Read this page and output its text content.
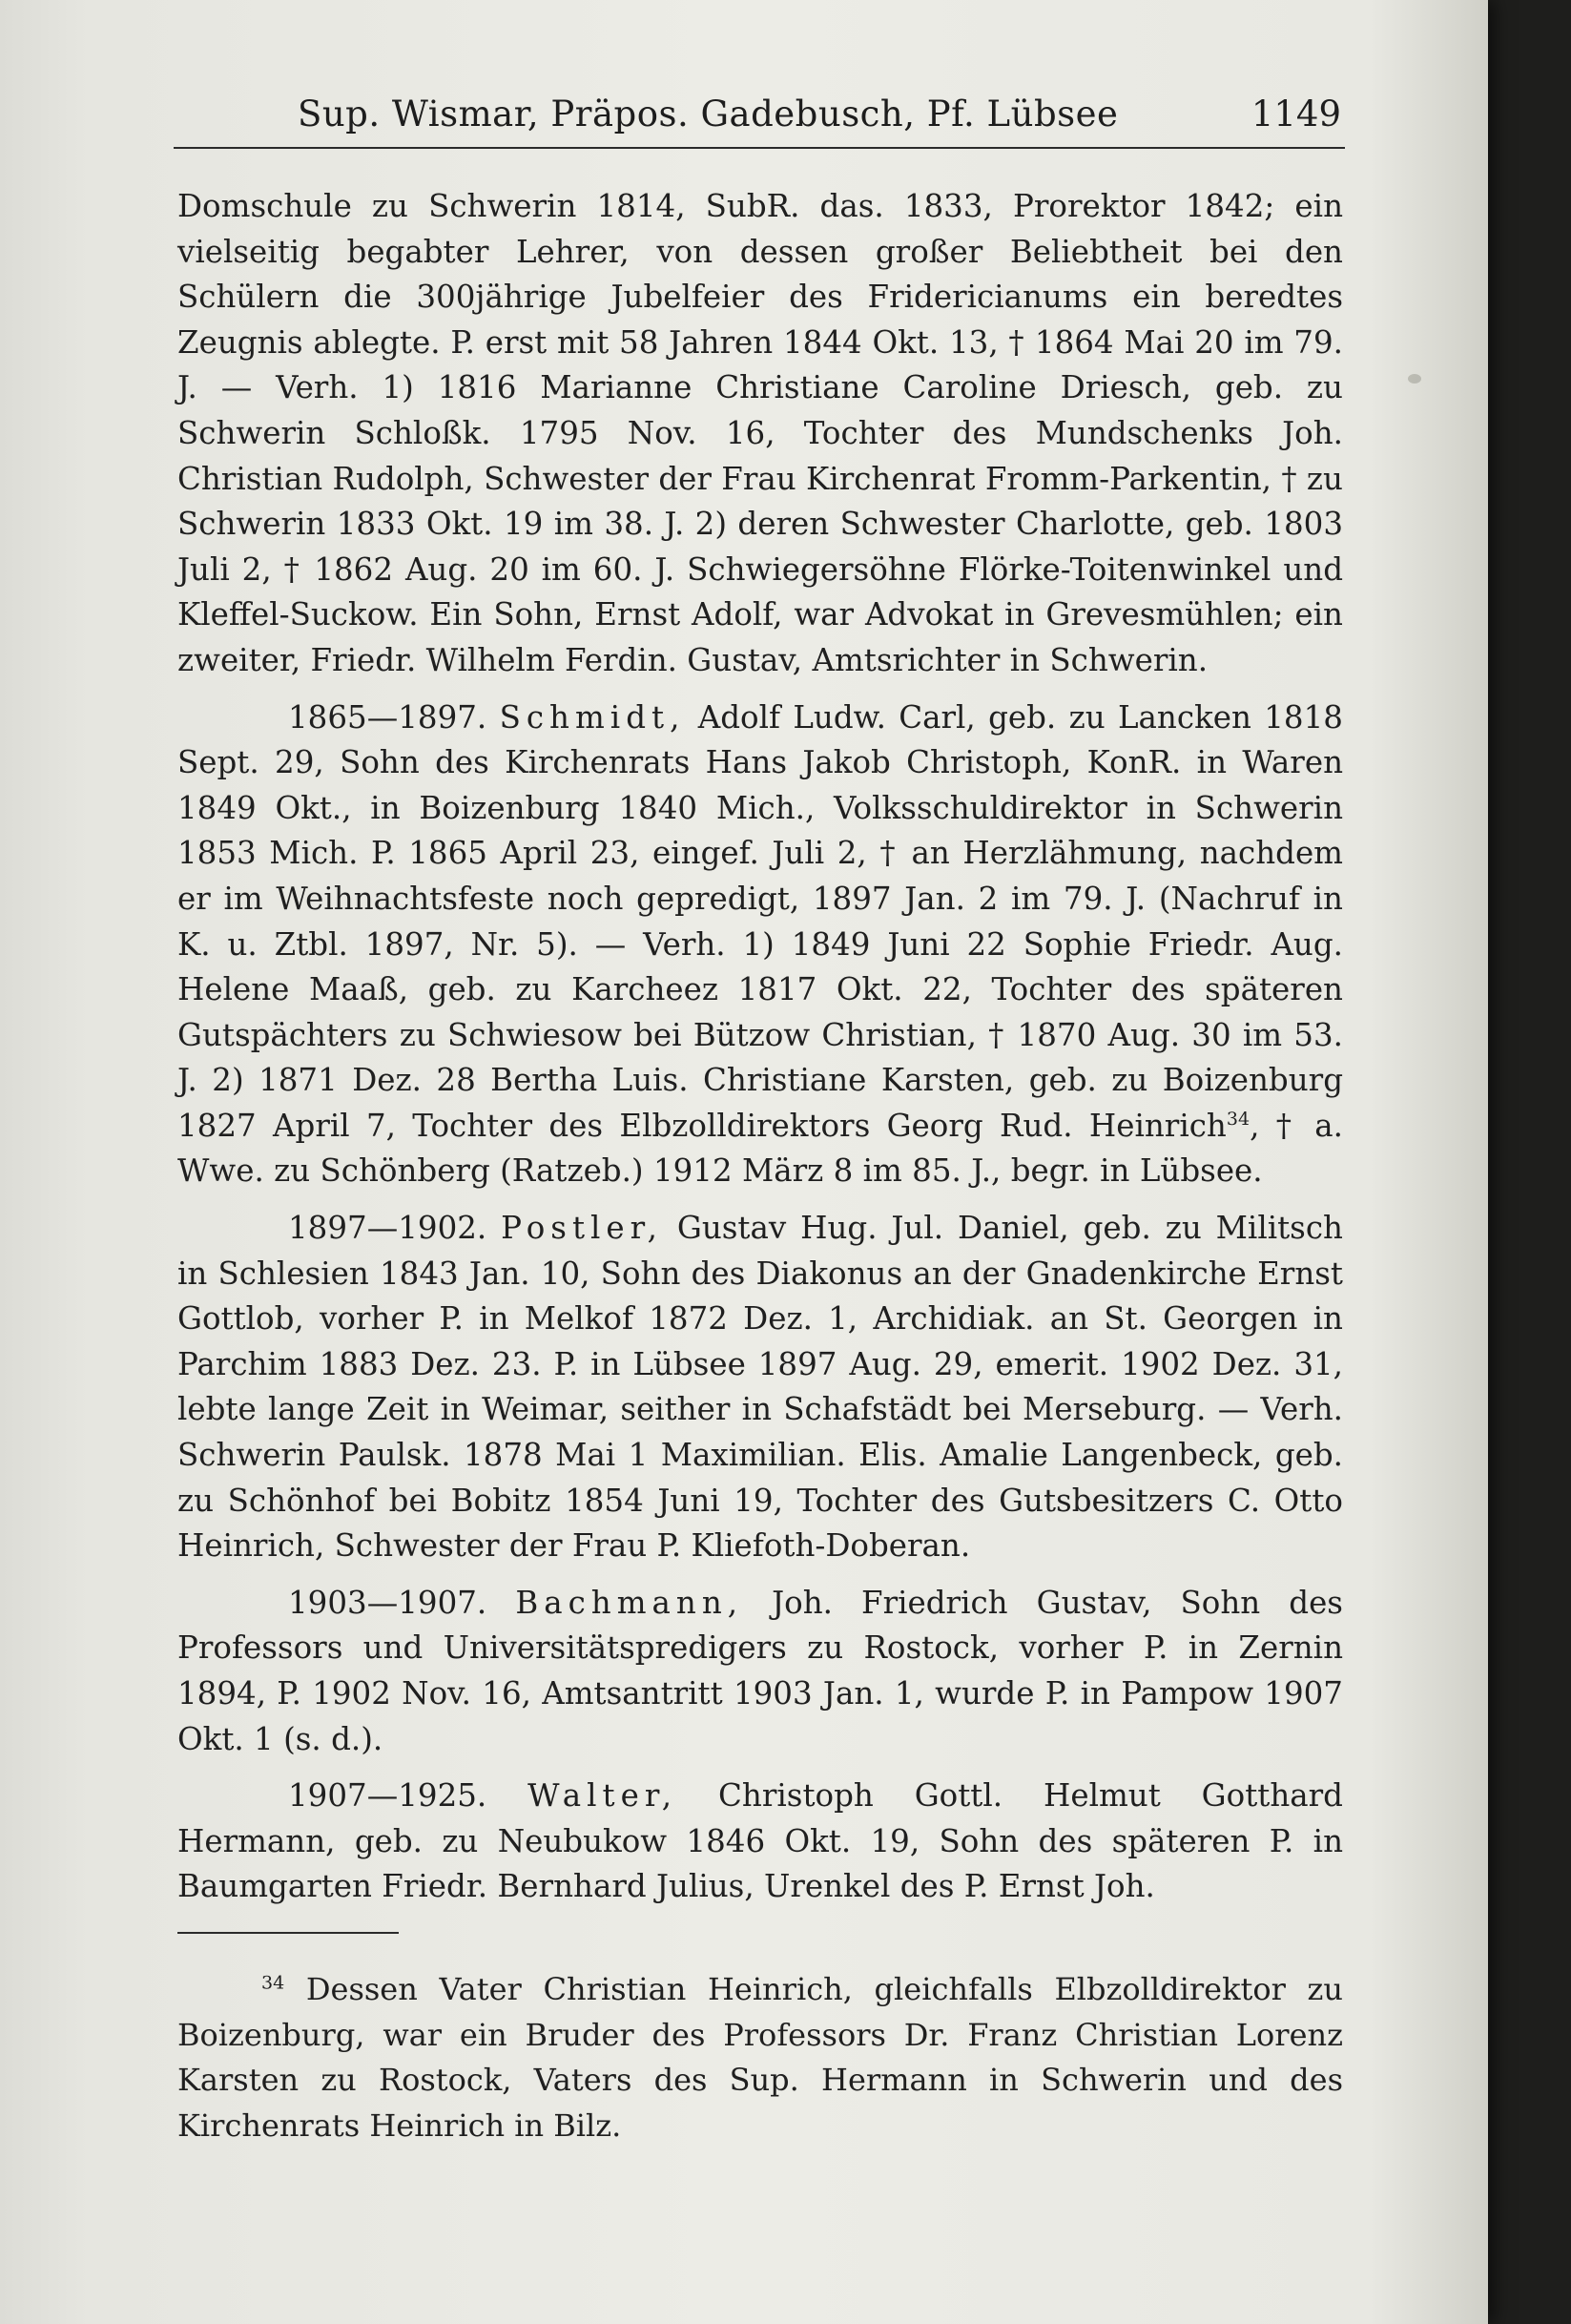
Sup. Wismar, Präpos. Gadebusch, Pf. Lübsee	1149

Domschule zu Schwerin 1814, SubR. das. 1833, Prorektor 1842; ein vielseitig begabter Lehrer, von dessen großer Beliebtheit bei den Schülern die 300jährige Jubelfeier des Fridericianums ein beredtes Zeugnis ablegte. P. erst mit 58 Jahren 1844 Okt. 13, † 1864 Mai 20 im 79. J. — Verh. 1) 1816 Marianne Christiane Caroline Driesch, geb. zu Schwerin Schloßk. 1795 Nov. 16, Tochter des Mundschenks Joh. Christian Rudolph, Schwester der Frau Kirchenrat Fromm-Parkentin, † zu Schwerin 1833 Okt. 19 im 38. J. 2) deren Schwester Charlotte, geb. 1803 Juli 2, † 1862 Aug. 20 im 60. J. Schwiegersöhne Flörke-Toitenwinkel und Kleffel-Suckow. Ein Sohn, Ernst Adolf, war Advokat in Grevesmühlen; ein zweiter, Friedr. Wilhelm Ferdin. Gustav, Amtsrichter in Schwerin.

1865—1897. Schmidt, Adolf Ludw. Carl, geb. zu Lancken 1818 Sept. 29, Sohn des Kirchenrats Hans Jakob Christoph, KonR. in Waren 1849 Okt., in Boizenburg 1840 Mich., Volksschuldirektor in Schwerin 1853 Mich. P. 1865 April 23, eingef. Juli 2, † an Herzlähmung, nachdem er im Weihnachtsfeste noch gepredigt, 1897 Jan. 2 im 79. J. (Nachruf in K. u. Ztbl. 1897, Nr. 5). — Verh. 1) 1849 Juni 22 Sophie Friedr. Aug. Helene Maaß, geb. zu Karcheez 1817 Okt. 22, Tochter des späteren Gutspächters zu Schwiesow bei Bützow Christian, † 1870 Aug. 30 im 53. J. 2) 1871 Dez. 28 Bertha Luis. Christiane Karsten, geb. zu Boizenburg 1827 April 7, Tochter des Elbzolldirektors Georg Rud. Heinrich$^{34}$, † a. Wwe. zu Schönberg (Ratzeb.) 1912 März 8 im 85. J., begr. in Lübsee.

1897—1902. Postler, Gustav Hug. Jul. Daniel, geb. zu Militsch in Schlesien 1843 Jan. 10, Sohn des Diakonus an der Gnadenkirche Ernst Gottlob, vorher P. in Melkof 1872 Dez. 1, Archidiak. an St. Georgen in Parchim 1883 Dez. 23. P. in Lübsee 1897 Aug. 29, emerit. 1902 Dez. 31, lebte lange Zeit in Weimar, seither in Schafstädt bei Merseburg. — Verh. Schwerin Paulsk. 1878 Mai 1 Maximilian. Elis. Amalie Langenbeck, geb. zu Schönhof bei Bobitz 1854 Juni 19, Tochter des Gutsbesitzers C. Otto Heinrich, Schwester der Frau P. Kliefoth-Doberan.

1903—1907. Bachmann, Joh. Friedrich Gustav, Sohn des Professors und Universitätspredigers zu Rostock, vorher P. in Zernin 1894, P. 1902 Nov. 16, Amtsantritt 1903 Jan. 1, wurde P. in Pampow 1907 Okt. 1 (s. d.).

1907—1925. Walter, Christoph Gottl. Helmut Gotthard Hermann, geb. zu Neubukow 1846 Okt. 19, Sohn des späteren P. in Baumgarten Friedr. Bernhard Julius, Urenkel des P. Ernst Joh.

$^{34}$ Dessen Vater Christian Heinrich, gleichfalls Elbzolldirektor zu Boizenburg, war ein Bruder des Professors Dr. Franz Christian Lorenz Karsten zu Rostock, Vaters des Sup. Hermann in Schwerin und des Kirchenrats Heinrich in Bilz.
